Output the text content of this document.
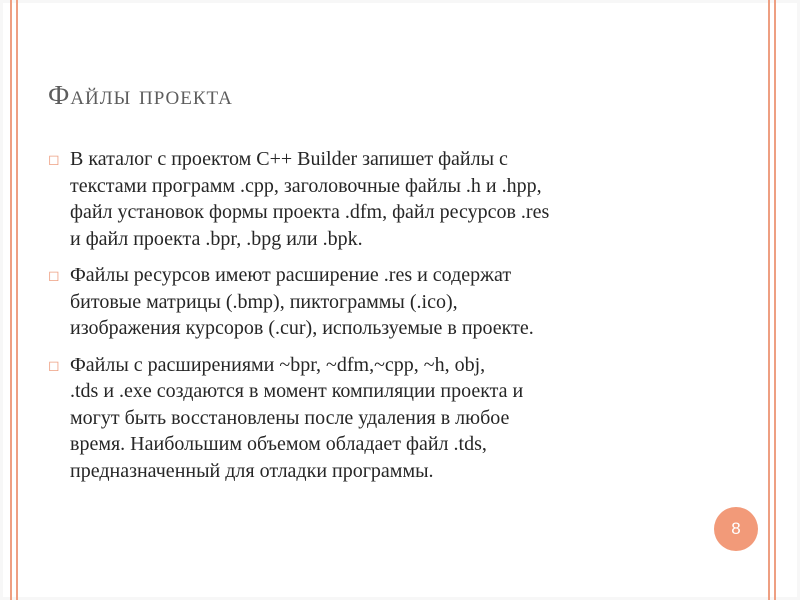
Файлы проекта
◻ В каталог с проектом C++ Builder запишет файлы с
текстами программ .cpp, заголовочные файлы .h и .hpp,
файл установок формы проекта .dfm, файл ресурсов .res
и файл проекта .bpr, .bpg или .bpk.
◻ Файлы ресурсов имеют расширение .res и содержат
битовые матрицы (.bmp), пиктограммы (.ico),
изображения курсоров (.cur), используемые в проекте.
◻ Файлы с расширениями ~bpr, ~dfm,~cpp, ~h, obj,
.tds и .exe создаются в момент компиляции проекта и
могут быть восстановлены после удаления в любое
время. Наибольшим объемом обладает файл .tds,
предназначенный для отладки программы.
8
